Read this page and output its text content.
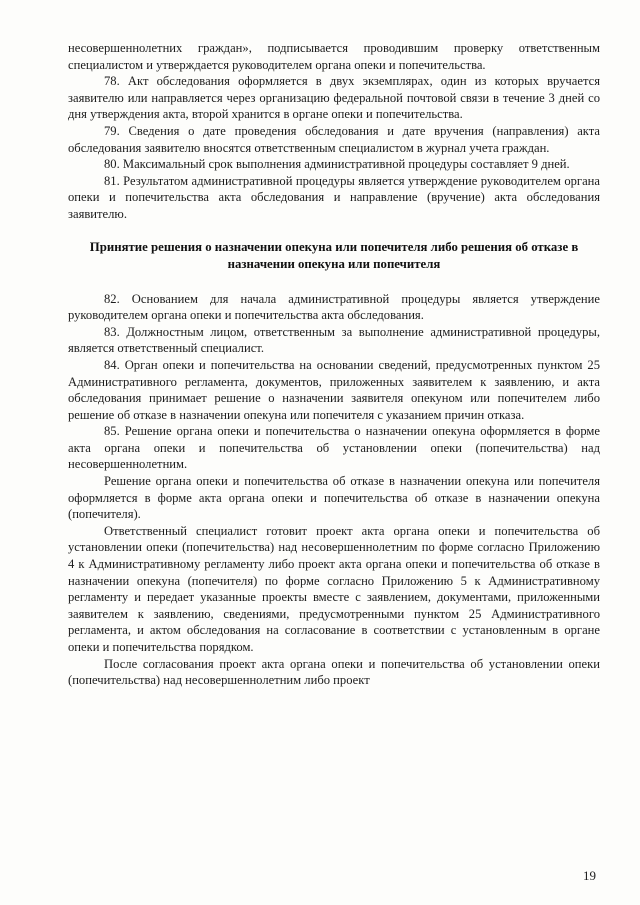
несовершеннолетних граждан», подписывается проводившим проверку ответственным специалистом и утверждается руководителем органа опеки и попечительства.

78. Акт обследования оформляется в двух экземплярах, один из которых вручается заявителю или направляется через организацию федеральной почтовой связи в течение 3 дней со дня утверждения акта, второй хранится в органе опеки и попечительства.

79. Сведения о дате проведения обследования и дате вручения (направления) акта обследования заявителю вносятся ответственным специалистом в журнал учета граждан.

80. Максимальный срок выполнения административной процедуры составляет 9 дней.

81. Результатом административной процедуры является утверждение руководителем органа опеки и попечительства акта обследования и направление (вручение) акта обследования заявителю.

Принятие решения о назначении опекуна или попечителя либо решения об отказе в назначении опекуна или попечителя

82. Основанием для начала административной процедуры является утверждение руководителем органа опеки и попечительства акта обследования.

83. Должностным лицом, ответственным за выполнение административной процедуры, является ответственный специалист.

84. Орган опеки и попечительства на основании сведений, предусмотренных пунктом 25 Административного регламента, документов, приложенных заявителем к заявлению, и акта обследования принимает решение о назначении заявителя опекуном или попечителем либо решение об отказе в назначении опекуна или попечителя с указанием причин отказа.

85. Решение органа опеки и попечительства о назначении опекуна оформляется в форме акта органа опеки и попечительства об установлении опеки (попечительства) над несовершеннолетним.

Решение органа опеки и попечительства об отказе в назначении опекуна или попечителя оформляется в форме акта органа опеки и попечительства об отказе в назначении опекуна (попечителя).

Ответственный специалист готовит проект акта органа опеки и попечительства об установлении опеки (попечительства) над несовершеннолетним по форме согласно Приложению 4 к Административному регламенту либо проект акта органа опеки и попечительства об отказе в назначении опекуна (попечителя) по форме согласно Приложению 5 к Административному регламенту и передает указанные проекты вместе с заявлением, документами, приложенными заявителем к заявлению, сведениями, предусмотренными пунктом 25 Административного регламента, и актом обследования на согласование в соответствии с установленным в органе опеки и попечительства порядком.

После согласования проект акта органа опеки и попечительства об установлении опеки (попечительства) над несовершеннолетним либо проект

19
